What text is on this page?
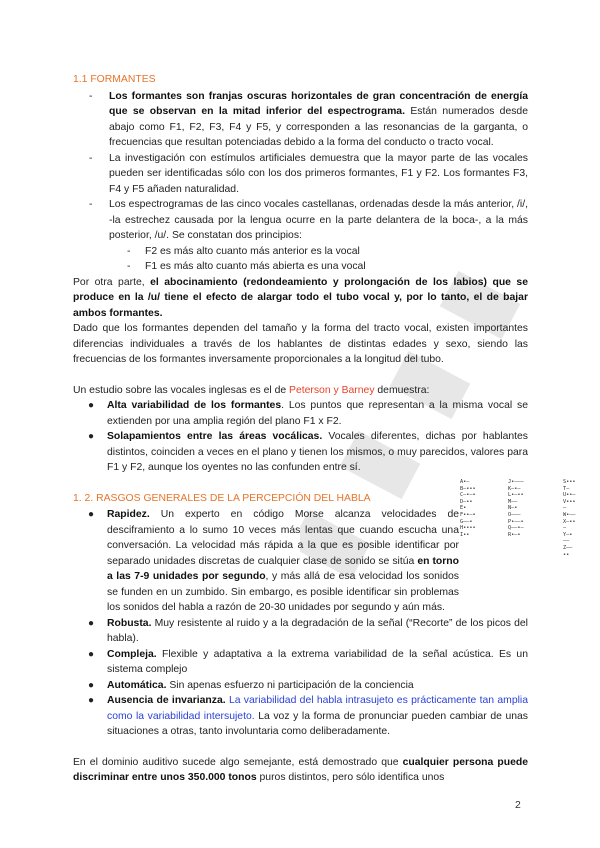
1.1 FORMANTES
- Los formantes son franjas oscuras horizontales de gran concentración de energía que se observan en la mitad inferior del espectrograma. Están numerados desde abajo como F1, F2, F3, F4 y F5, y corresponden a las resonancias de la garganta, o frecuencias que resultan potenciadas debido a la forma del conducto o tracto vocal.
- La investigación con estímulos artificiales demuestra que la mayor parte de las vocales pueden ser identificadas sólo con los dos primeros formantes, F1 y F2. Los formantes F3, F4 y F5 añaden naturalidad.
- Los espectrogramas de las cinco vocales castellanas, ordenadas desde la más anterior, /i/, -la estrechez causada por la lengua ocurre en la parte delantera de la boca-, a la más posterior, /u/. Se constatan dos principios:
- F2 es más alto cuanto más anterior es la vocal
- F1 es más alto cuanto más abierta es una vocal
Por otra parte, el abocinamiento (redondeamiento y prolongación de los labios) que se produce en la /u/ tiene el efecto de alargar todo el tubo vocal y, por lo tanto, el de bajar ambos formantes.
Dado que los formantes dependen del tamaño y la forma del tracto vocal, existen importantes diferencias individuales a través de los hablantes de distintas edades y sexo, siendo las frecuencias de los formantes inversamente proporcionales a la longitud del tubo.
Un estudio sobre las vocales inglesas es el de Peterson y Barney demuestra:
● Alta variabilidad de los formantes. Los puntos que representan a la misma vocal se extienden por una amplia región del plano F1 x F2.
● Solapamientos entre las áreas vocálicas. Vocales diferentes, dichas por hablantes distintos, coinciden a veces en el plano y tienen los mismos, o muy parecidos, valores para F1 y F2, aunque los oyentes no las confunden entre sí.
1. 2. RASGOS GENERALES DE LA PERCEPCIÓN DEL HABLA
● Rapidez. Un experto en código Morse alcanza velocidades de desciframiento a lo sumo 10 veces más lentas que cuando escucha una conversación. La velocidad más rápida a la que es posible identificar por separado unidades discretas de cualquier clase de sonido se sitúa en torno a las 7-9 unidades por segundo, y más allá de esa velocidad los sonidos se funden en un zumbido. Sin embargo, es posible identificar sin problemas los sonidos del habla a razón de 20-30 unidades por segundo y aún más.
● Robusta. Muy resistente al ruido y a la degradación de la señal (“Recorte” de los picos del habla).
● Compleja. Flexible y adaptativa a la extrema variabilidad de la señal acústica. Es un sistema complejo
● Automática. Sin apenas esfuerzo ni participación de la conciencia
● Ausencia de invarianza. La variabilidad del habla intrasujeto es prácticamente tan amplia como la variabilidad intersujeto. La voz y la forma de pronunciar pueden cambiar de unas situaciones a otras, tanto involuntaria como deliberadamente.
En el dominio auditivo sucede algo semejante, está demostrado que cualquier persona puede discriminar entre unos 350.000 tonos puros distintos, pero sólo identifica unos
A•—
B—•••
C—•—•
D—••
E•
F••—•
G——•
H••••
I••
J•———
K—•—
L•—••
M——
N—•
O———
P•——•
Q——•—
R•—•
S•••
T—
U••—
V•••—
W•——
X—••—
Y—•——
Z——••
2
